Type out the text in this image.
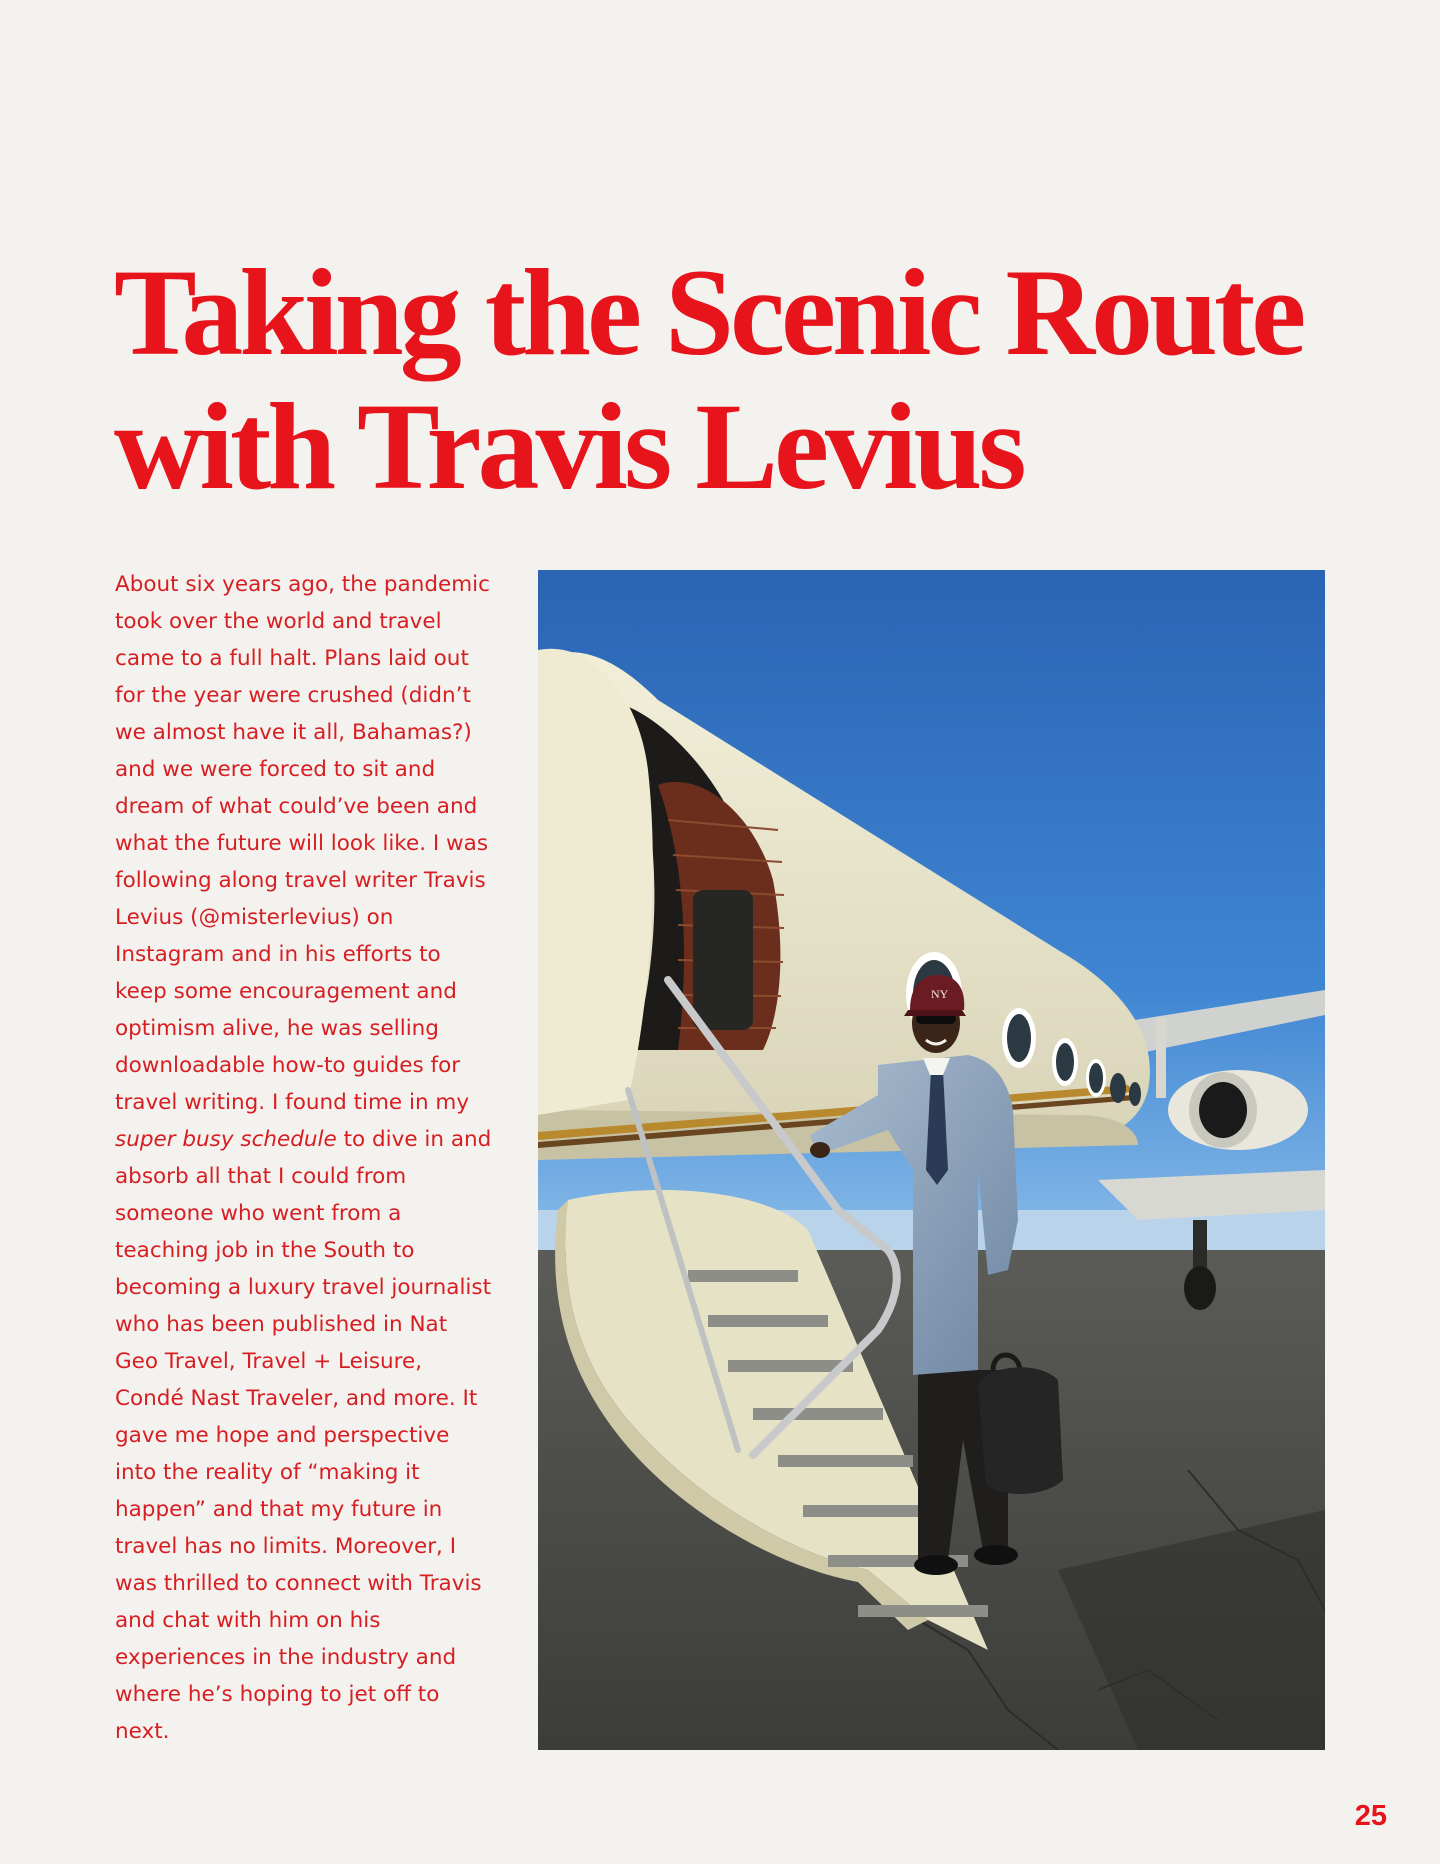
Taking the Scenic Route
with Travis Levius
About six years ago, the pandemic
took over the world and travel
came to a full halt. Plans laid out
for the year were crushed (didn’t
we almost have it all, Bahamas?)
and we were forced to sit and
dream of what could’ve been and
what the future will look like. I was
following along travel writer Travis
Levius (@misterlevius) on
Instagram and in his efforts to
keep some encouragement and
optimism alive, he was selling
downloadable how-to guides for
travel writing. I found time in my
super busy schedule to dive in and
absorb all that I could from
someone who went from a
teaching job in the South to
becoming a luxury travel journalist
who has been published in Nat
Geo Travel, Travel + Leisure,
Condé Nast Traveler, and more. It
gave me hope and perspective
into the reality of “making it
happen” and that my future in
travel has no limits. Moreover, I
was thrilled to connect with Travis
and chat with him on his
experiences in the industry and
where he’s hoping to jet off to
next.
NY
25
